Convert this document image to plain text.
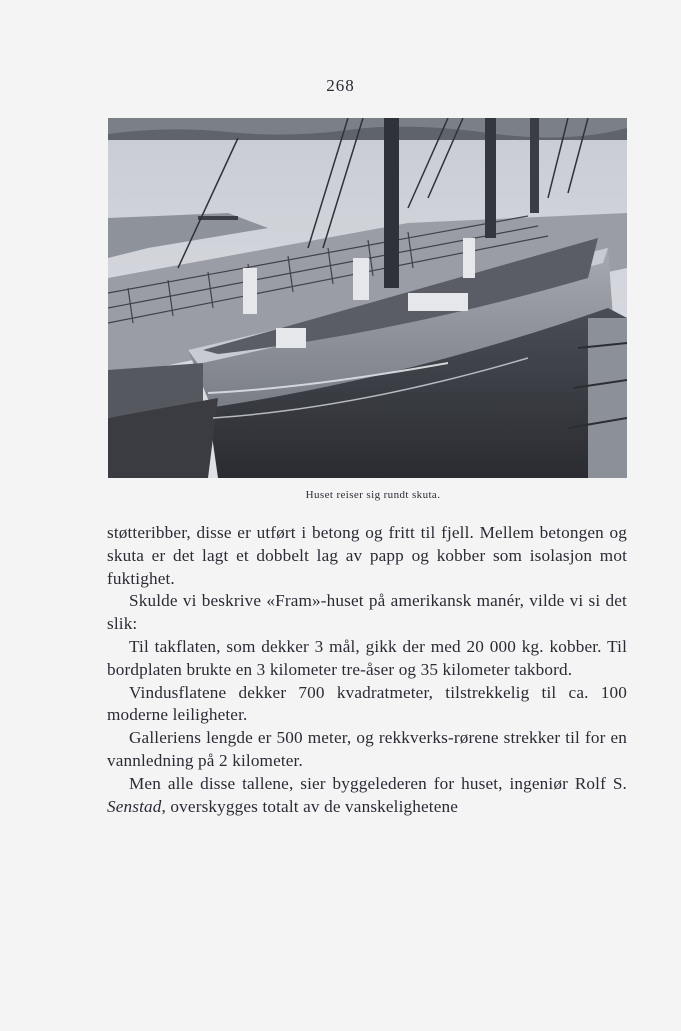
268
Huset reiser sig rundt skuta.

støtteribber, disse er utført i betong og fritt til fjell. Mellem betongen og skuta er det lagt et dobbelt lag av papp og kobber som isolasjon mot fuktighet.

Skulde vi beskrive «Fram»-huset på amerikansk manér, vilde vi si det slik:

Til takflaten, som dekker 3 mål, gikk der med 20 000 kg. kobber. Til bordplaten brukte en 3 kilometer tre-åser og 35 kilometer takbord.

Vindusflatene dekker 700 kvadratmeter, tilstrekkelig til ca. 100 moderne leiligheter.

Galleriens lengde er 500 meter, og rekkverks-rørene strekker til for en vannledning på 2 kilometer.

Men alle disse tallene, sier byggelederen for huset, ingeniør Rolf S. Senstad, overskygges totalt av de vanskelighetene
